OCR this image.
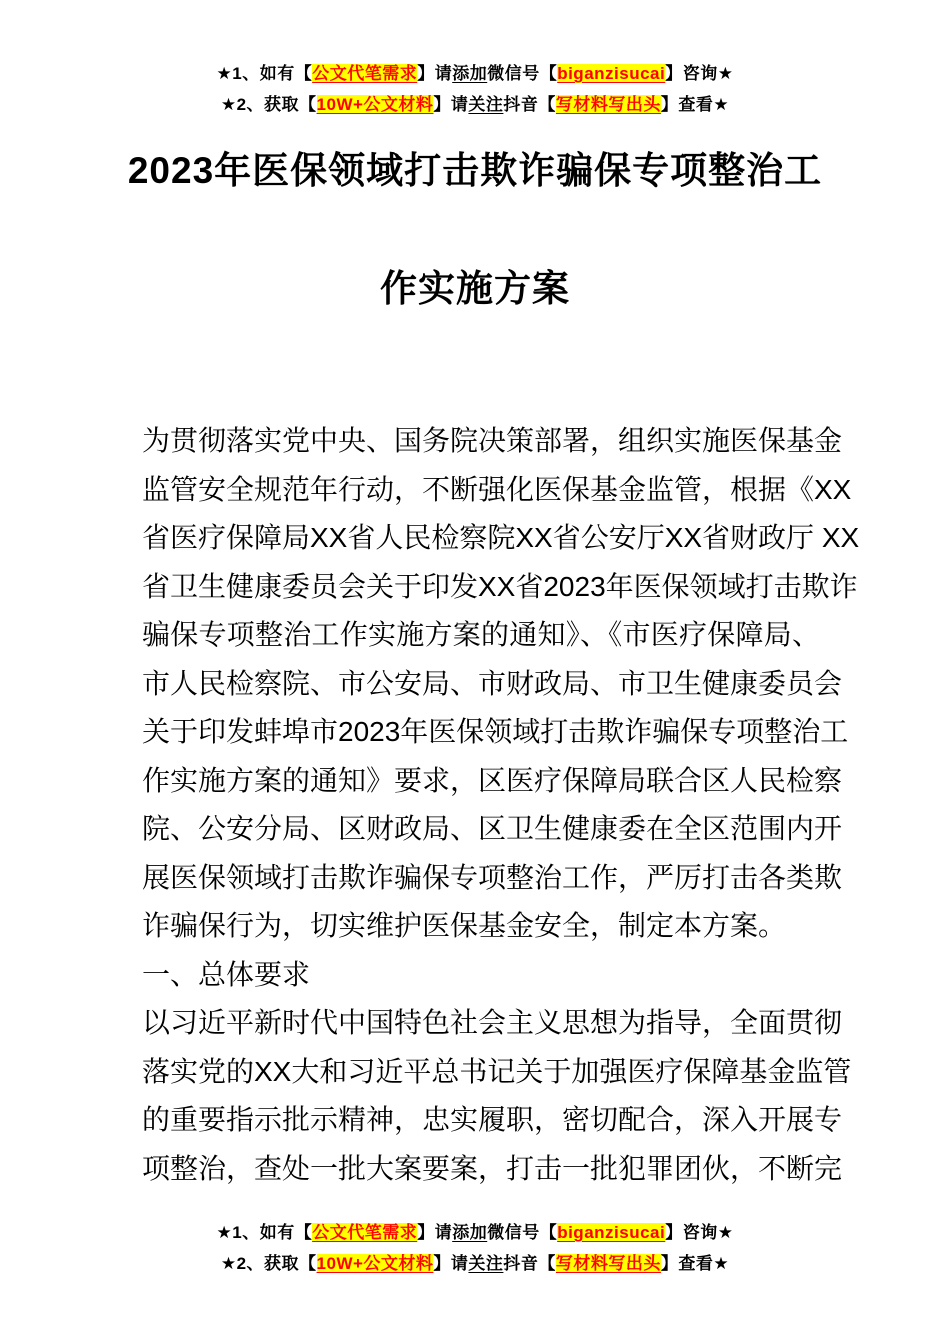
★1、如有【公文代笔需求】请添加微信号【biganzisucai】咨询★
★2、获取【10W+公文材料】请关注抖音【写材料写出头】查看★
2023年医保领域打击欺诈骗保专项整治工
作实施方案
为贯彻落实党中央、国务院决策部署，组织实施医保基金
监管安全规范年行动，不断强化医保基金监管，根据《XX
省医疗保障局XX省人民检察院XX省公安厅XX省财政厅 XX
省卫生健康委员会关于印发XX省2023年医保领域打击欺诈
骗保专项整治工作实施方案的通知》、《市医疗保障局、
市人民检察院、市公安局、市财政局、市卫生健康委员会
关于印发蚌埠市2023年医保领域打击欺诈骗保专项整治工
作实施方案的通知》要求，区医疗保障局联合区人民检察
院、公安分局、区财政局、区卫生健康委在全区范围内开
展医保领域打击欺诈骗保专项整治工作，严厉打击各类欺
诈骗保行为，切实维护医保基金安全，制定本方案。
一、总体要求
以习近平新时代中国特色社会主义思想为指导，全面贯彻
落实党的XX大和习近平总书记关于加强医疗保障基金监管
的重要指示批示精神，忠实履职，密切配合，深入开展专
项整治，查处一批大案要案，打击一批犯罪团伙，不断完
★1、如有【公文代笔需求】请添加微信号【biganzisucai】咨询★
★2、获取【10W+公文材料】请关注抖音【写材料写出头】查看★
